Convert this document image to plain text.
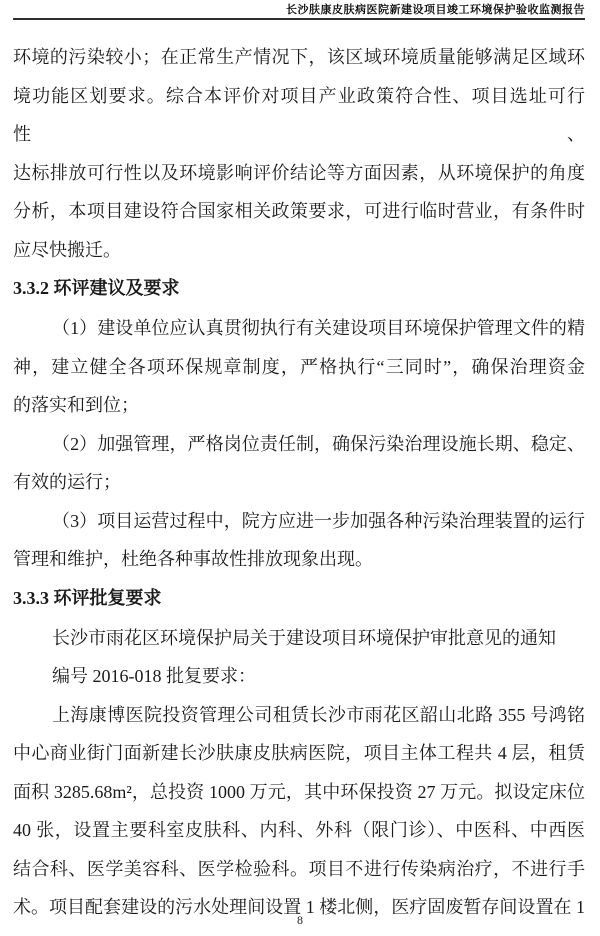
长沙肤康皮肤病医院新建设项目竣工环境保护验收监测报告
环境的污染较小；在正常生产情况下，该区域环境质量能够满足区域环
境功能区划要求。综合本评价对项目产业政策符合性、项目选址可行性、
达标排放可行性以及环境影响评价结论等方面因素，从环境保护的角度
分析，本项目建设符合国家相关政策要求，可进行临时营业，有条件时
应尽快搬迁。
3.3.2 环评建议及要求
（1）建设单位应认真贯彻执行有关建设项目环境保护管理文件的精
神，建立健全各项环保规章制度，严格执行“三同时”，确保治理资金
的落实和到位；
（2）加强管理，严格岗位责任制，确保污染治理设施长期、稳定、
有效的运行；
（3）项目运营过程中，院方应进一步加强各种污染治理装置的运行
管理和维护，杜绝各种事故性排放现象出现。
3.3.3 环评批复要求
长沙市雨花区环境保护局关于建设项目环境保护审批意见的通知
编号 2016-018 批复要求：
上海康博医院投资管理公司租赁长沙市雨花区韶山北路 355 号鸿铭
中心商业街门面新建长沙肤康皮肤病医院，项目主体工程共 4 层，租赁
面积 3285.68m²，总投资 1000 万元，其中环保投资 27 万元。拟设定床位
40 张，设置主要科室皮肤科、内科、外科（限门诊）、中医科、中西医
结合科、医学美容科、医学检验科。项目不进行传染病治疗，不进行手
术。项目配套建设的污水处理间设置 1 楼北侧，医疗固废暂存间设置在 1
8
